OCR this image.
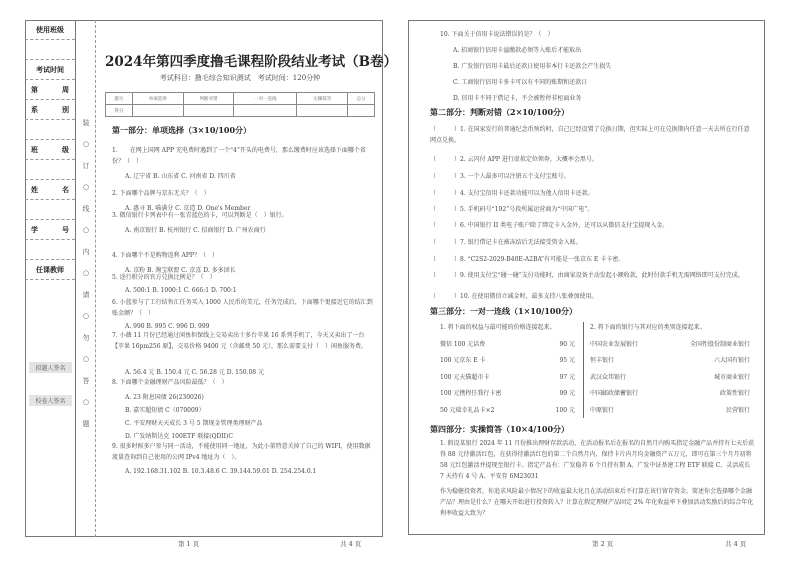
使用班级
考试时间
第	周
系	别
班	级
姓	名
学	号
任课教师
拟题人签名
校卷人签名
装
○
订
○
线
○
内
○
请
○
勿
○
答
○
题
2024年第四季度撸毛课程阶段结业考试（B卷）
考试科目：撸毛综合知识测试　考试时间：120分钟
题号	单项选择	判断对错	一对一连线	实操简答	总分
得分					
第一部分：单项选择（3×10/100分）
1.　　在网上国网 APP 充电费时遇到了一个“4”开头的电费号，那么缴费时应该选择下面哪个省份？（　）
A. 辽宁省 B. 山东省 C. 河南省 D. 四川省
2. 下面哪个品牌与京东无关？（　）
A. 惠寻 B. 喵满分 C. 京造 D. One's Member
3. 微信银行卡列表中有一张青蓝色的卡，可以判断是（　）银行。
A. 南京银行 B. 杭州银行 C. 招商银行 D. 广州农商行
4. 下面哪个不是购物返利 APP？（　）
A. 京粉 B. 淘宝联盟 C. 京喜 D. 多多团长
5. 途行积分的官方兑换比例是？（　）
A. 500:1 B. 1000:1 C. 666:1 D. 700:1
6. 小蓝参与了工行结售汇任务买入 1000 人民币的美元，任务完成后，下面哪个更接近它的结汇到账金额？（　）
A. 990 B. 995 C. 996 D. 999
7. 小薇 11 月份已经通过闲鱼担保线上交易卖出十多台苹果 16 系列手机了，今天又卖出了一台【苹果 16pm256 原】，交易价格 9400 元（含邮费 50 元），那么需要支付（　）闲鱼服务费。
A. 56.4 元 B. 150.4 元 C. 56.28 元 D. 150.08 元
8. 下面哪个金融理财产品风险最低？（　）
A. 23 附息国债 26(230026)
B. 嘉实超短债 C（070009）
C. 平安理财天天成长 3 号 5 期现金管理类理财产品
D. 广发纳斯达克 100ETF 联接(QDII)C
9. 很多时候多户参与同一活动，不能使用同一地址，为此小董特意关掉了自己的 WIFI，使用数据流量查询到自己使用的公网 IPv4 地址为（　）。
A. 192.168.31.102 B. 10.3.48.6 C. 39.144.59.01 D. 254.254.0.1
第 1 页	共 4 页
10. 下面关于信用卡说法错误的是？（　）
A. 招商银行信用卡溢缴款必须等入账后才能取出
B. 广发银行信用卡最后还款日使用非本行卡还款会产生损失
C. 工商银行信用卡多卡可以有不同的账期和还款日
D. 信用卡不同于借记卡，不会被暂停非柜面业务
第二部分：判断对错（2×10/100分）
（　　　）1. 在国家发行的普通纪念币预约时，自己已经设置了兑换日期，但实际上可在兑换期内任意一天去所在行任意网点兑换。
（　　　）2. 云闪付 APP 进行虚拟定位领券，大概率会黑号。
（　　　）3. 一个人最多可以注册五个支付宝账号。
（　　　）4. 支付宝信用卡还款功能可以为他人信用卡还款。
（　　　）5. 手机码号“192”号段所属运营商为“中国广电”。
（　　　）6. 中国银行 II 类电子账户除了绑定卡入金外，还可以从微信支付宝提现入金。
（　　　）7. 银行借记卡在被冻结后无法接受资金入账。
（　　　）8. “C2S2-2029-B40E-A2BA”有可能是一张京东 E 卡卡密。
（　　　）9. 使用支付宝“碰一碰”支付功能时，由商家设备主动发起小额收款，此时付款手机无需网络即可支付完成。
（　　　）10. 在使用微信立减金时，最多支持八张叠加使用。
第三部分：一对一连线（1×10/100分）
1. 将下面的权益与最可能的价格连接起来。
微信 100 元话费	90 元
100 元京东 E 卡	95 元
100 元天猫超市卡	97 元
100 元携程任我行卡密	99 元
50 元瑞幸礼品卡×2	100 元
2. 将下面的银行与其对应的类别连接起来。
中国农业发展银行	全国性股份制商业银行
恒丰银行	六大国有银行
武汉众邦银行	城市商业银行
中国邮政储蓄银行	政策性银行
中原银行	民营银行
第四部分：实操简答（10×4/100分）
1. 假设某银行 2024 年 11 月份推出理财存款活动，在活动报名后在报名的自然月内购买指定金融产品并持有七天后获得 88 元待激活红包，在获得待激活红包的第二个自然月内，保持卡片内月均金融资产五万元，即可在第三个月月初将 58 元红包激活并提现至银行卡。指定产品有：广发稳养 6 个月持有期 A、广发中证基建工程 ETF 联接 C、灵活成长 7 天持有 4 号 A、平安存 6M23031
作为稳健投资者，你追求风险最小情况下的收益最大化且在活动结束后不打算在该行留存资金，简述你会选择哪个金融产品？理由是什么？在哪天开始进行投资转入？计算在假定理财产品固定 2% 年化收益率下叠加活动奖励后的综合年化利率收益大致为？
第 2 页	共 4 页
